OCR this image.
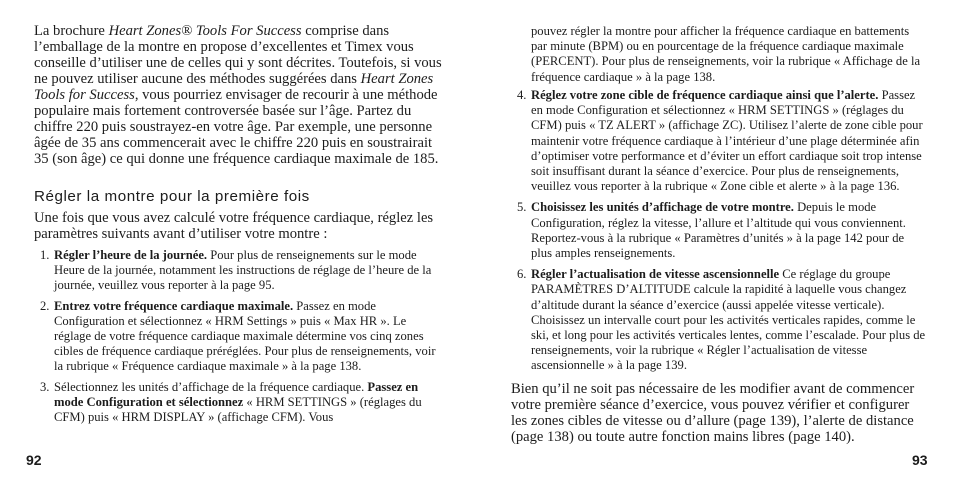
La brochure Heart Zones® Tools For Success comprise dans l’emballage de la montre en propose d’excellentes et Timex vous conseille d’utiliser une de celles qui y sont décrites. Toutefois, si vous ne pouvez utiliser aucune des méthodes suggérées dans Heart Zones Tools for Success, vous pourriez envisager de recourir à une méthode populaire mais fortement controversée basée sur l’âge. Partez du chiffre 220 puis soustrayez-en votre âge. Par exemple, une personne âgée de 35 ans commencerait avec le chiffre 220 puis en soustrairait 35 (son âge) ce qui donne une fréquence cardiaque maximale de 185.

Régler la montre pour la première fois

Une fois que vous avez calculé votre fréquence cardiaque, réglez les paramètres suivants avant d’utiliser votre montre :

1. Régler l’heure de la journée. Pour plus de renseignements sur le mode Heure de la journée, notamment les instructions de réglage de l’heure de la journée, veuillez vous reporter à la page 95.
2. Entrez votre fréquence cardiaque maximale. Passez en mode Configuration et sélectionnez « HRM Settings » puis « Max HR ». Le réglage de votre fréquence cardiaque maximale détermine vos cinq zones cibles de fréquence cardiaque préréglées. Pour plus de renseignements, voir la rubrique « Fréquence cardiaque maximale » à la page 138.
3. Sélectionnez les unités d’affichage de la fréquence cardiaque. Passez en mode Configuration et sélectionnez « HRM SETTINGS » (réglages du CFM) puis « HRM DISPLAY » (affichage CFM). Vous
92

pouvez régler la montre pour afficher la fréquence cardiaque en battements par minute (BPM) ou en pourcentage de la fréquence cardiaque maximale (PERCENT). Pour plus de renseignements, voir la rubrique « Affichage de la fréquence cardiaque » à la page 138.

4. Réglez votre zone cible de fréquence cardiaque ainsi que l’alerte. Passez en mode Configuration et sélectionnez « HRM SETTINGS » (réglages du CFM) puis « TZ ALERT » (affichage ZC). Utilisez l’alerte de zone cible pour maintenir votre fréquence cardiaque à l’intérieur d’une plage déterminée afin d’optimiser votre performance et d’éviter un effort cardiaque soit trop intense soit insuffisant durant la séance d’exercice. Pour plus de renseignements, veuillez vous reporter à la rubrique « Zone cible et alerte » à la page 136.
5. Choisissez les unités d’affichage de votre montre. Depuis le mode Configuration, réglez la vitesse, l’allure et l’altitude qui vous conviennent. Reportez-vous à la rubrique « Paramètres d’unités » à la page 142 pour de plus amples renseignements.
6. Régler l’actualisation de vitesse ascensionnelle Ce réglage du groupe PARAMÈTRES D’ALTITUDE calcule la rapidité à laquelle vous changez d’altitude durant la séance d’exercice (aussi appelée vitesse verticale). Choisissez un intervalle court pour les activités verticales rapides, comme le ski, et long pour les activités verticales lentes, comme l’escalade. Pour plus de renseignements, voir la rubrique « Régler l’actualisation de vitesse ascensionnelle » à la page 139.

Bien qu’il ne soit pas nécessaire de les modifier avant de commencer votre première séance d’exercice, vous pouvez vérifier et configurer les zones cibles de vitesse ou d’allure (page 139), l’alerte de distance (page 138) ou toute autre fonction mains libres (page 140).

93
